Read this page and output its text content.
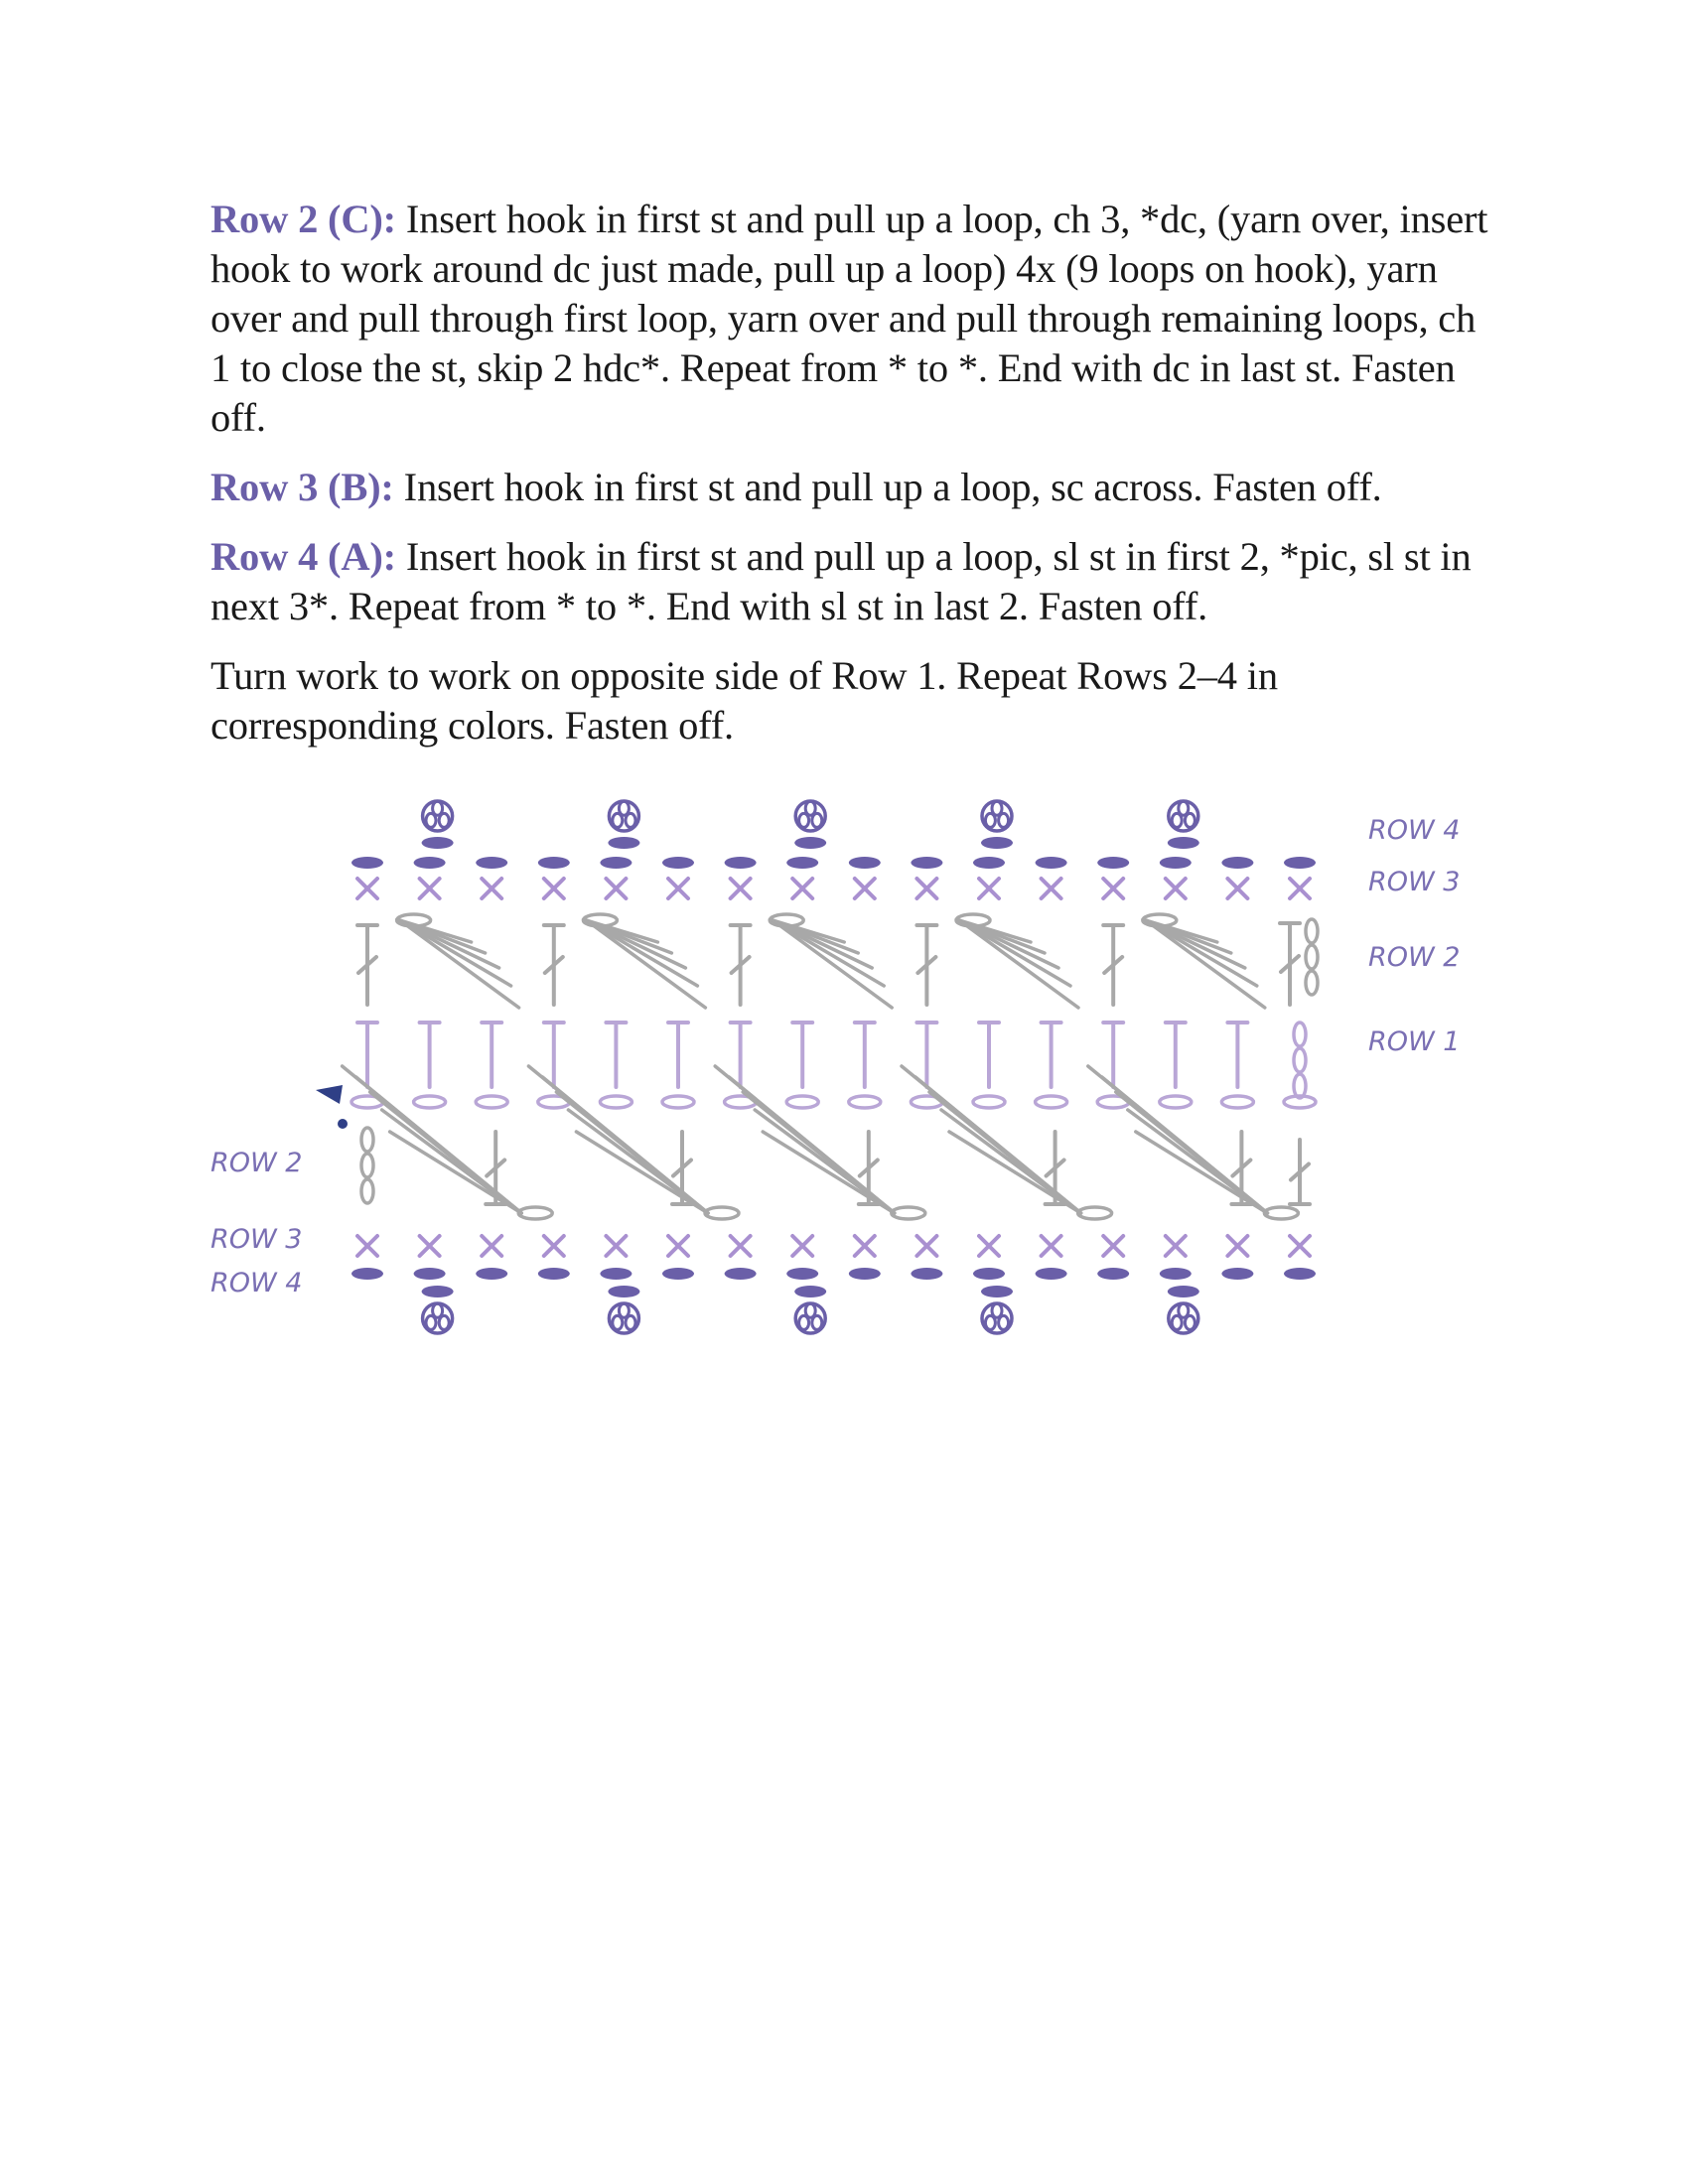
Row 2 (C): Insert hook in first st and pull up a loop, ch 3, *dc, (yarn over, insert hook to work around dc just made, pull up a loop) 4x (9 loops on hook), yarn over and pull through first loop, yarn over and pull through remaining loops, ch 1 to close the st, skip 2 hdc*. Repeat from * to *. End with dc in last st. Fasten off.

Row 3 (B): Insert hook in first st and pull up a loop, sc across. Fasten off.

Row 4 (A): Insert hook in first st and pull up a loop, sl st in first 2, *pic, sl st in next 3*. Repeat from * to *. End with sl st in last 2. Fasten off.

Turn work to work on opposite side of Row 1. Repeat Rows 2–4 in corresponding colors. Fasten off.

ROW 4
ROW 3
ROW 2
ROW 1
ROW 2
ROW 3
ROW 4
